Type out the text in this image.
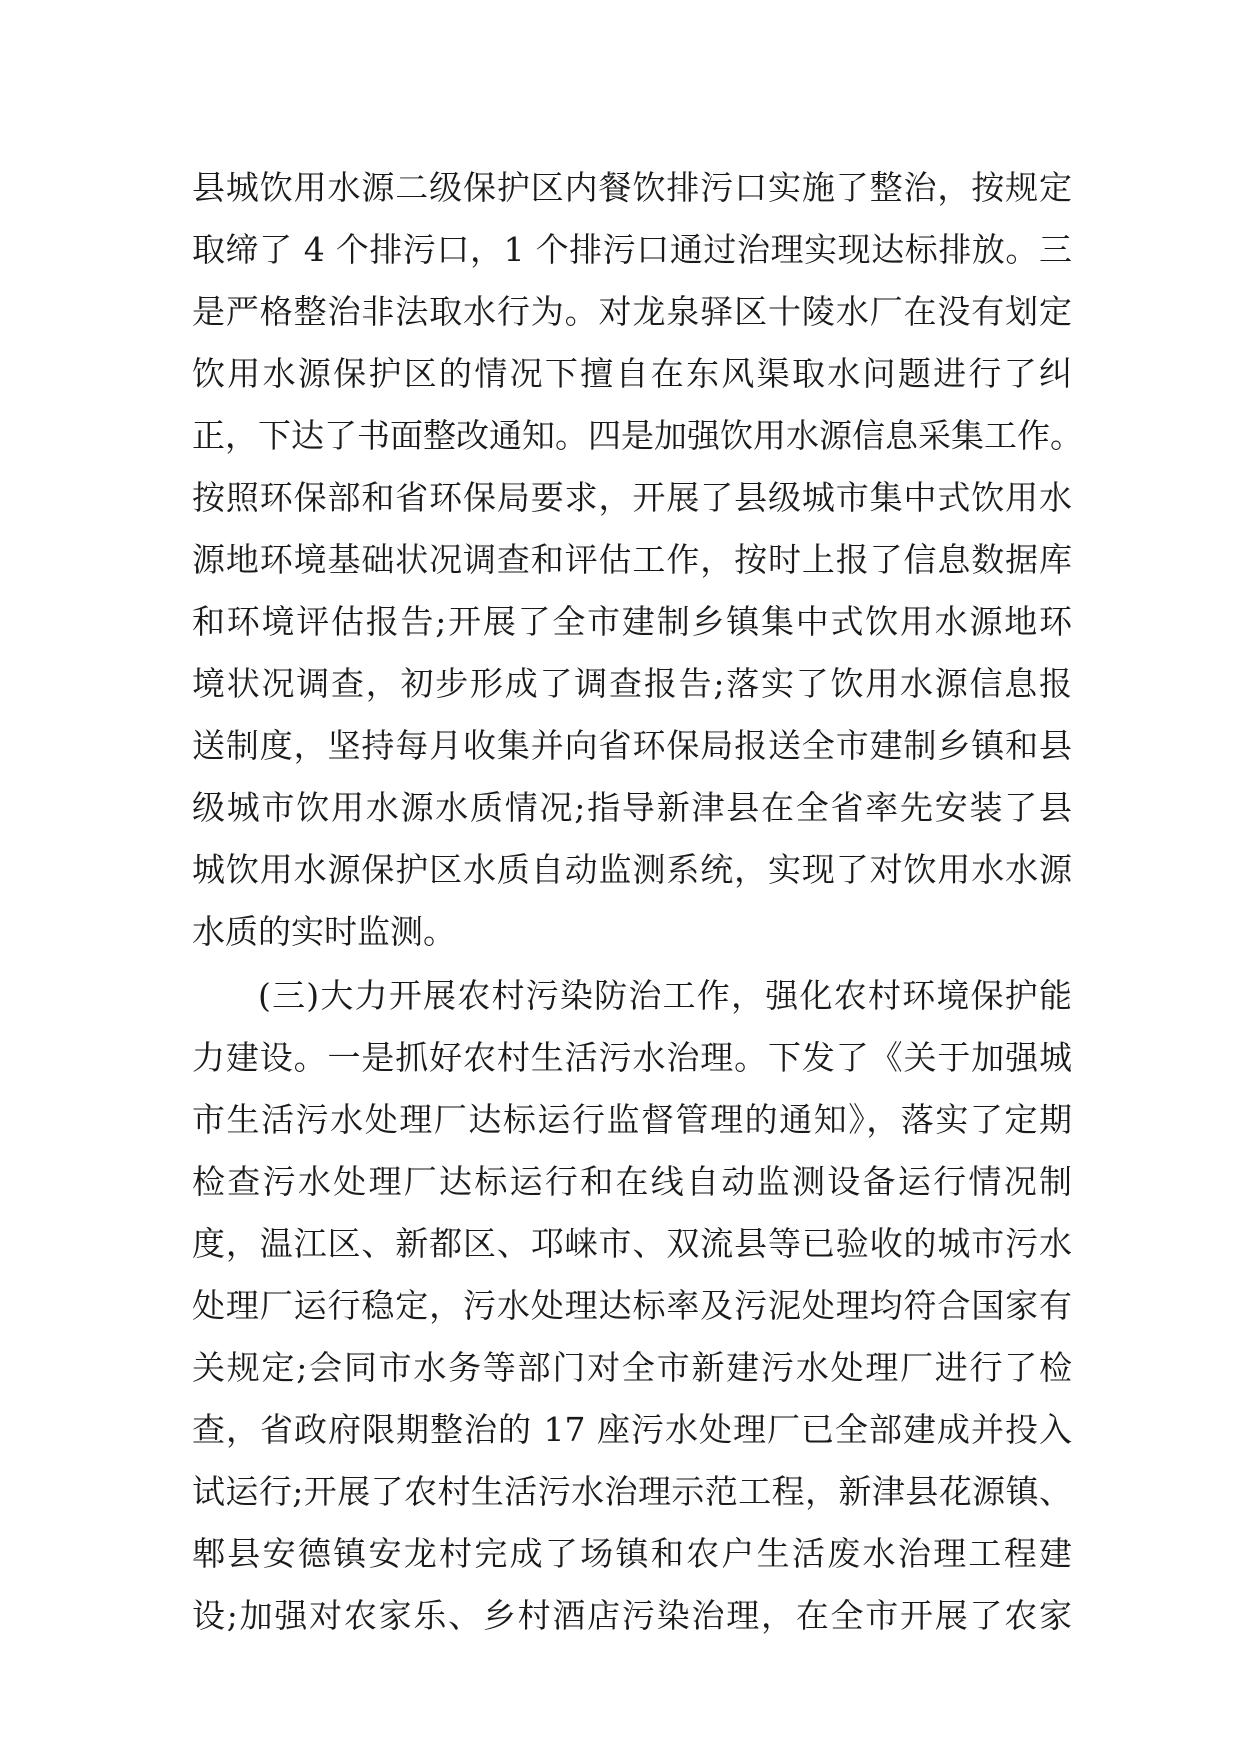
县城饮用水源二级保护区内餐饮排污口实施了整治，按规定
取缔了 4 个排污口，1 个排污口通过治理实现达标排放。三
是严格整治非法取水行为。对龙泉驿区十陵水厂在没有划定
饮用水源保护区的情况下擅自在东风渠取水问题进行了纠
正，下达了书面整改通知。四是加强饮用水源信息采集工作。
按照环保部和省环保局要求，开展了县级城市集中式饮用水
源地环境基础状况调查和评估工作，按时上报了信息数据库
和环境评估报告;开展了全市建制乡镇集中式饮用水源地环
境状况调查，初步形成了调查报告;落实了饮用水源信息报
送制度，坚持每月收集并向省环保局报送全市建制乡镇和县
级城市饮用水源水质情况;指导新津县在全省率先安装了县
城饮用水源保护区水质自动监测系统，实现了对饮用水水源
水质的实时监测。
(三)大力开展农村污染防治工作，强化农村环境保护能
力建设。一是抓好农村生活污水治理。下发了《关于加强城
市生活污水处理厂达标运行监督管理的通知》，落实了定期
检查污水处理厂达标运行和在线自动监测设备运行情况制
度，温江区、新都区、邛崃市、双流县等已验收的城市污水
处理厂运行稳定，污水处理达标率及污泥处理均符合国家有
关规定;会同市水务等部门对全市新建污水处理厂进行了检
查，省政府限期整治的 17 座污水处理厂已全部建成并投入
试运行;开展了农村生活污水治理示范工程，新津县花源镇、
郫县安德镇安龙村完成了场镇和农户生活废水治理工程建
设;加强对农家乐、乡村酒店污染治理，在全市开展了农家
